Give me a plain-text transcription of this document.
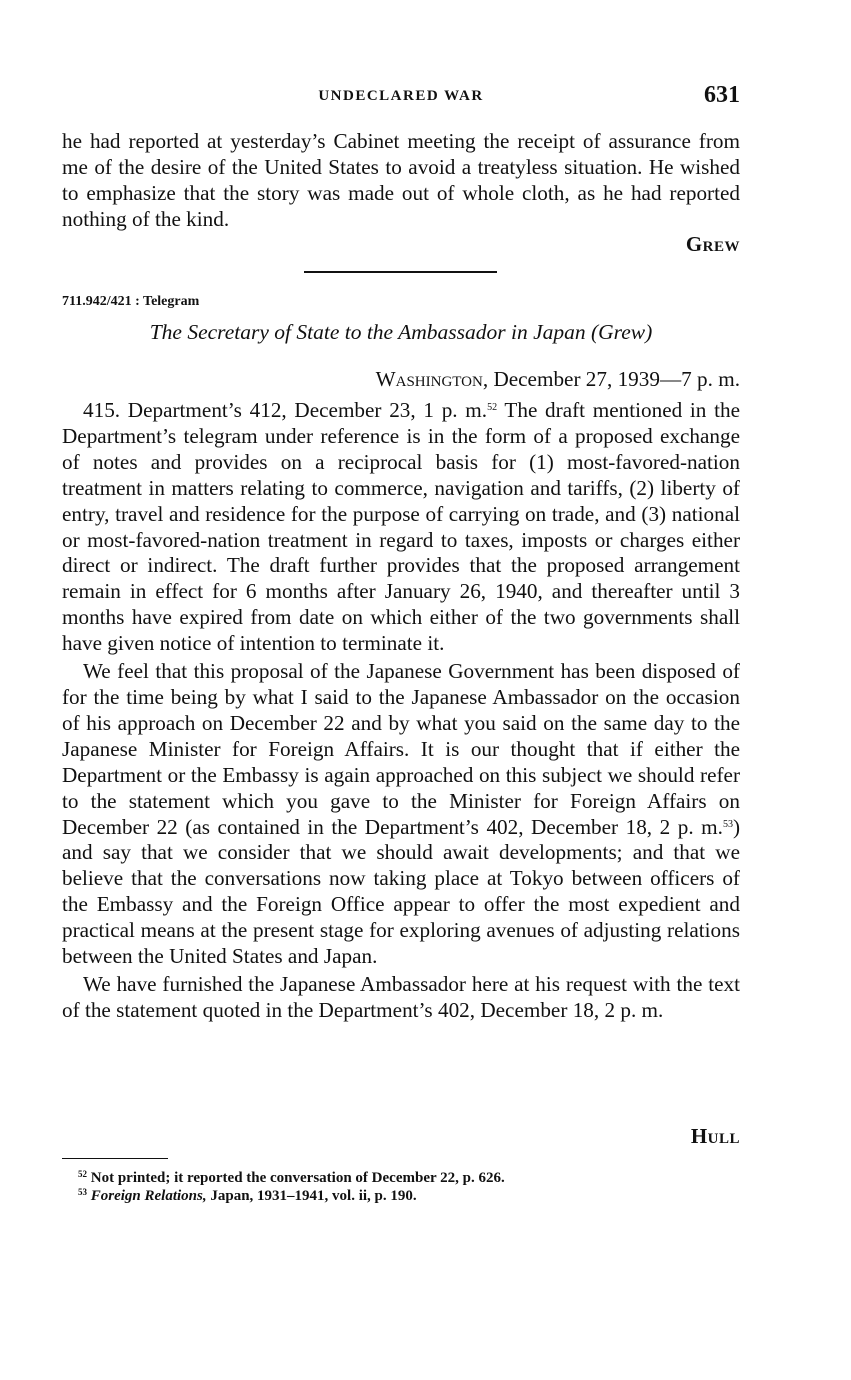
UNDECLARED WAR	631

he had reported at yesterday’s Cabinet meeting the receipt of assurance from me of the desire of the United States to avoid a treatyless situation. He wished to emphasize that the story was made out of whole cloth, as he had reported nothing of the kind.

Grew
711.942/421 : Telegram
The Secretary of State to the Ambassador in Japan (Grew)
Washington, December 27, 1939—7 p. m.

415. Department’s 412, December 23, 1 p. m.$^{52}$ The draft mentioned in the Department’s telegram under reference is in the form of a proposed exchange of notes and provides on a reciprocal basis for (1) most-favored-nation treatment in matters relating to commerce, navigation and tariffs, (2) liberty of entry, travel and residence for the purpose of carrying on trade, and (3) national or most-favored-nation treatment in regard to taxes, imposts or charges either direct or indirect. The draft further provides that the proposed arrangement remain in effect for 6 months after January 26, 1940, and thereafter until 3 months have expired from date on which either of the two governments shall have given notice of intention to terminate it.

We feel that this proposal of the Japanese Government has been disposed of for the time being by what I said to the Japanese Ambassador on the occasion of his approach on December 22 and by what you said on the same day to the Japanese Minister for Foreign Affairs. It is our thought that if either the Department or the Embassy is again approached on this subject we should refer to the statement which you gave to the Minister for Foreign Affairs on December 22 (as contained in the Department’s 402, December 18, 2 p. m.$^{53}$) and say that we consider that we should await developments; and that we believe that the conversations now taking place at Tokyo between officers of the Embassy and the Foreign Office appear to offer the most expedient and practical means at the present stage for exploring avenues of adjusting relations between the United States and Japan.

We have furnished the Japanese Ambassador here at his request with the text of the statement quoted in the Department’s 402, December 18, 2 p. m.

Hull
$^{52}$ Not printed; it reported the conversation of December 22, p. 626.
$^{53}$ Foreign Relations, Japan, 1931–1941, vol. ii, p. 190.
